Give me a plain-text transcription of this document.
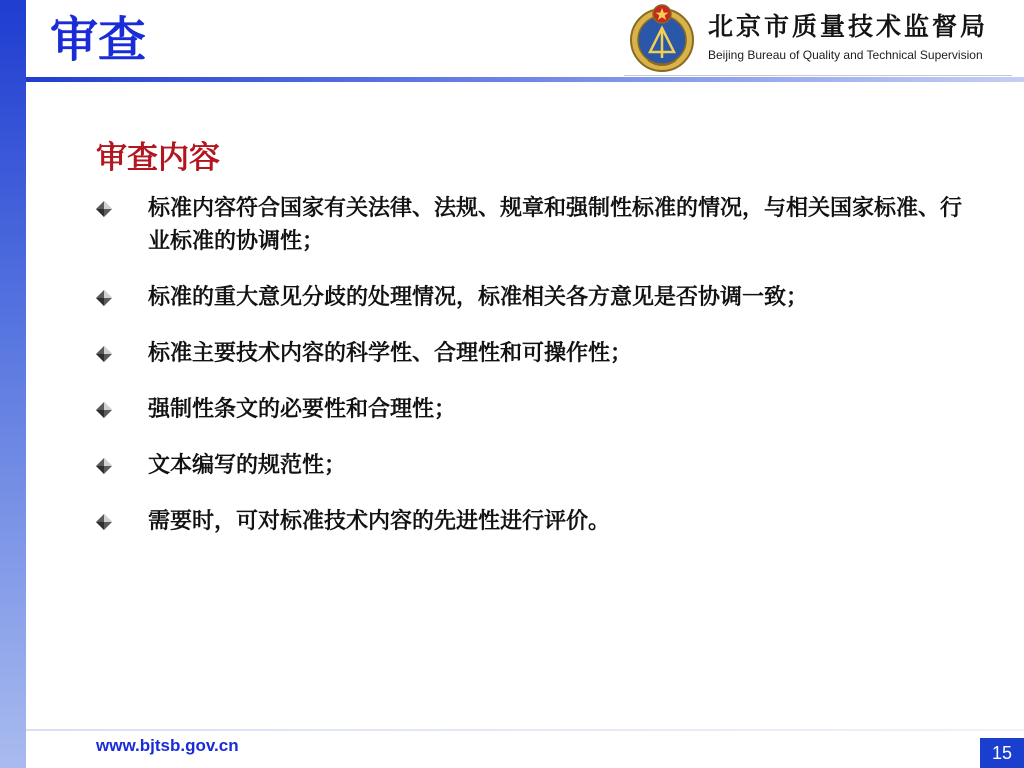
审查	北京市质量技术监督局
Beijing Bureau of Quality and Technical Supervision
审查内容
标准内容符合国家有关法律、法规、规章和强制性标准的情况，与相关国家标准、行业标准的协调性；
标准的重大意见分歧的处理情况，标准相关各方意见是否协调一致；
标准主要技术内容的科学性、合理性和可操作性；
强制性条文的必要性和合理性；
文本编写的规范性；
需要时，可对标准技术内容的先进性进行评价。
www.bjtsb.gov.cn	15
